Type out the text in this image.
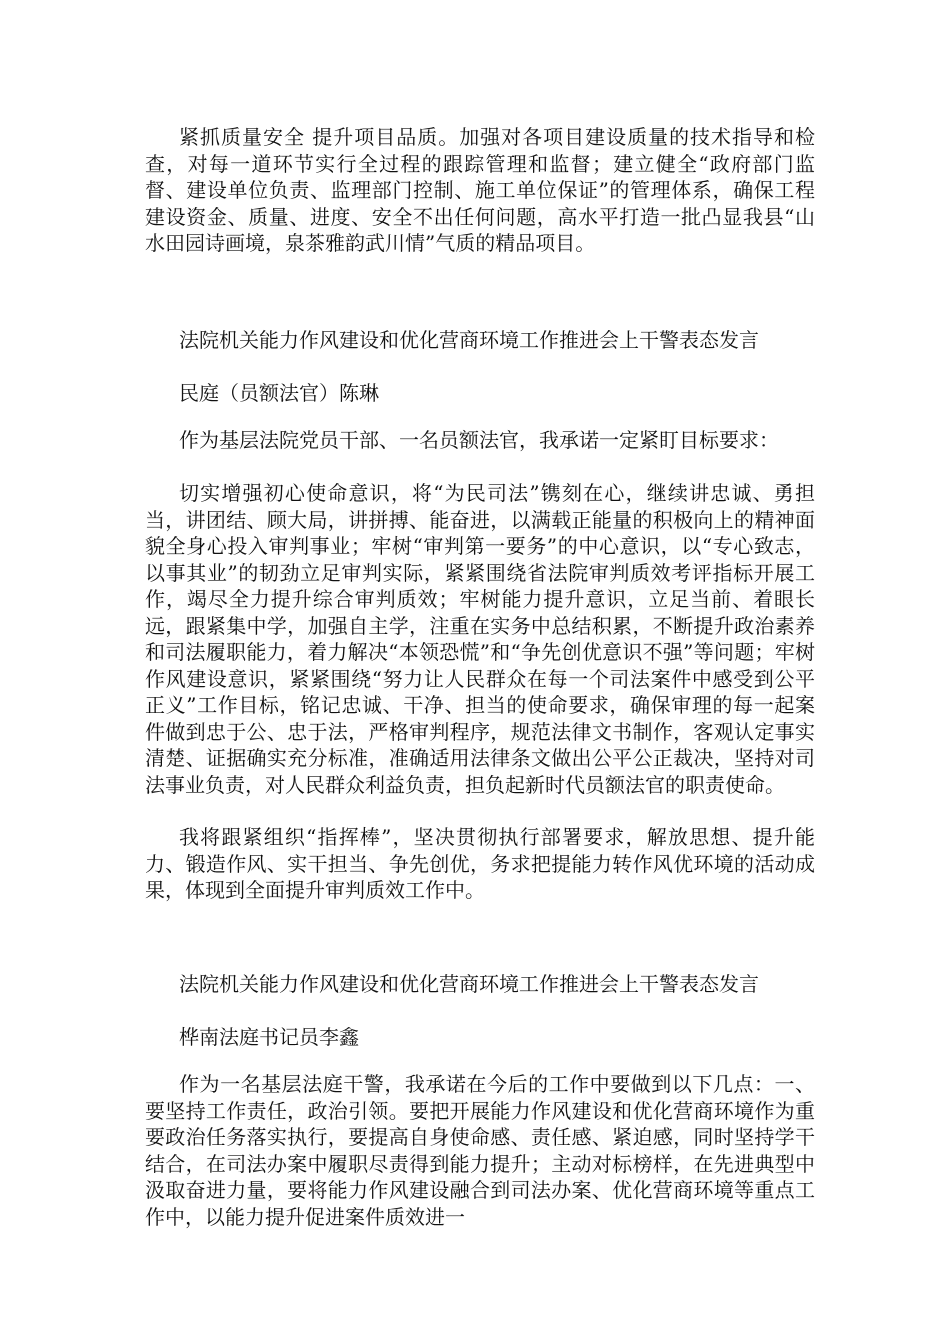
紧抓质量安全 提升项目品质。加强对各项目建设质量的技术指导和检查，对每一道环节实行全过程的跟踪管理和监督；建立健全“政府部门监督、建设单位负责、监理部门控制、施工单位保证”的管理体系，确保工程建设资金、质量、进度、安全不出任何问题，高水平打造一批凸显我县“山水田园诗画境，泉茶雅韵武川情”气质的精品项目。

法院机关能力作风建设和优化营商环境工作推进会上干警表态发言

民庭（员额法官）陈琳

作为基层法院党员干部、一名员额法官，我承诺一定紧盯目标要求：

切实增强初心使命意识，将“为民司法”镌刻在心，继续讲忠诚、勇担当，讲团结、顾大局，讲拼搏、能奋进，以满载正能量的积极向上的精神面貌全身心投入审判事业；牢树“审判第一要务”的中心意识，以“专心致志，以事其业”的韧劲立足审判实际，紧紧围绕省法院审判质效考评指标开展工作，竭尽全力提升综合审判质效；牢树能力提升意识，立足当前、着眼长远，跟紧集中学，加强自主学，注重在实务中总结积累，不断提升政治素养和司法履职能力，着力解决“本领恐慌”和“争先创优意识不强”等问题；牢树作风建设意识，紧紧围绕“努力让人民群众在每一个司法案件中感受到公平正义”工作目标，铭记忠诚、干净、担当的使命要求，确保审理的每一起案件做到忠于公、忠于法，严格审判程序，规范法律文书制作，客观认定事实清楚、证据确实充分标准，准确适用法律条文做出公平公正裁决，坚持对司法事业负责，对人民群众利益负责，担负起新时代员额法官的职责使命。

我将跟紧组织“指挥棒”，坚决贯彻执行部署要求，解放思想、提升能力、锻造作风、实干担当、争先创优，务求把提能力转作风优环境的活动成果，体现到全面提升审判质效工作中。

法院机关能力作风建设和优化营商环境工作推进会上干警表态发言

桦南法庭书记员李鑫

作为一名基层法庭干警，我承诺在今后的工作中要做到以下几点：一、要坚持工作责任，政治引领。要把开展能力作风建设和优化营商环境作为重要政治任务落实执行，要提高自身使命感、责任感、紧迫感，同时坚持学干结合，在司法办案中履职尽责得到能力提升；主动对标榜样，在先进典型中汲取奋进力量，要将能力作风建设融合到司法办案、优化营商环境等重点工作中，以能力提升促进案件质效进一
